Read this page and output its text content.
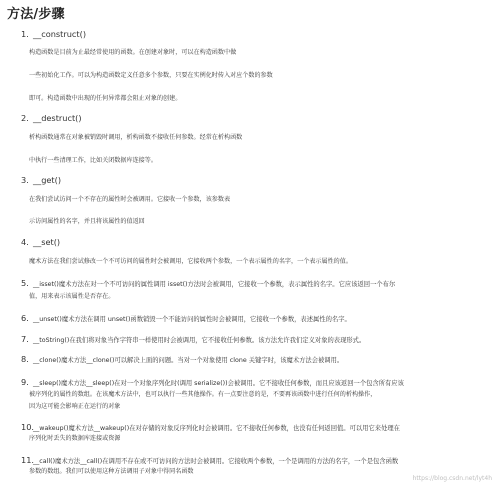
方法/步骤
1. __construct()
构造函数是目前为止最经常使用的函数。在创建对象时，可以在构造函数中做
一些初始化工作。可以为构造函数定义任意多个参数，只要在实例化时传入对应个数的参数
即可。构造函数中出现的任何异常都会阻止对象的创建。
2. __destruct()
析构函数通常在对象被销毁时调用，析构函数不接收任何参数。经常在析构函数
中执行一些清理工作，比如关闭数据库连接等。
3. __get()
在我们尝试访问一个不存在的属性时会被调用。它接收一个参数，该参数表
示访问属性的名字，并且将该属性的值返回
4. __set()
魔术方法在我们尝试修改一个不可访问的属性时会被调用，它接收两个参数，一个表示属性的名字，一个表示属性的值。
5. __isset()魔术方法在对一个不可访问的属性调用 isset()方法时会被调用，它接收一个参数，表示属性的名字。它应该返回一个布尔
值，用来表示该属性是否存在。
6. __unset()魔术方法在调用 unset()函数销毁一个不能访问的属性时会被调用，它接收一个参数，表述属性的名字。
7. __toString()在我们将对象当作字符串一样使用时会被调用，它不接收任何参数。该方法允许我们定义对象的表现形式。
8. __clone()魔术方法__clone()可以解决上面的问题。当对一个对象使用 clone 关键字时，该魔术方法会被调用。
9. __sleep()魔术方法__sleep()在对一个对象序列化时(调用 serialize())会被调用。它不接收任何参数，而且应该返回一个包含所有应该
被序列化的属性的数组。在该魔术方法中，也可以执行一些其他操作。有一点要注意的是，不要再该函数中进行任何的析构操作，
因为这可能会影响正在运行的对象
10.__wakeup()魔术方法__wakeup()在对存储的对象反序列化时会被调用。它不接收任何参数，也没有任何返回值。可以用它来处理在
序列化时丢失的数据库连接或资源
11.__call()魔术方法__call()在调用不存在或不可访问的方法时会被调用。它接收两个参数，一个是调用的方法的名字，一个是包含函数
参数的数组。我们可以使用这种方法调用子对象中得同名函数
https://blog.csdn.net/lyt4h
